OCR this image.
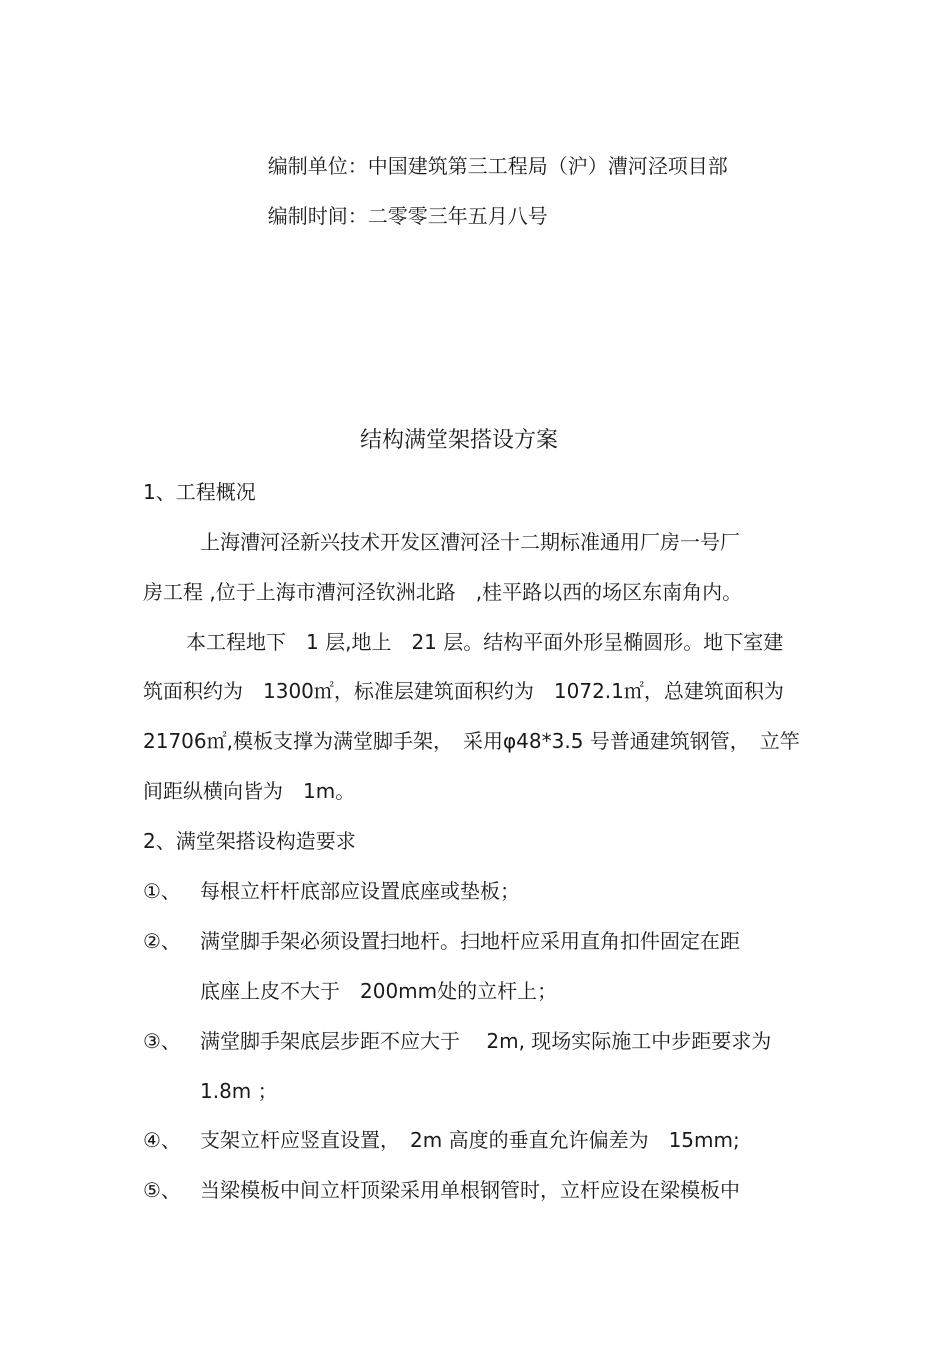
编制单位：中国建筑第三工程局（沪）漕河泾项目部

编制时间：二零零三年五月八号

结构满堂架搭设方案
1、工程概况
上海漕河泾新兴技术开发区漕河泾十二期标准通用厂房一号厂
房工程 ,位于上海市漕河泾钦洲北路　,桂平路以西的场区东南角内。
本工程地下　1 层,地上　21 层。结构平面外形呈椭圆形。地下室建
筑面积约为　1300㎡，标准层建筑面积约为　1072.1㎡，总建筑面积为
21706㎡,模板支撑为满堂脚手架，　采用φ48*3.5 号普通建筑钢管，　立竿
间距纵横向皆为　1m。
2、满堂架搭设构造要求
①、 每根立杆杆底部应设置底座或垫板；
②、 满堂脚手架必须设置扫地杆。扫地杆应采用直角扣件固定在距
底座上皮不大于　200mm处的立杆上；
③、 满堂脚手架底层步距不应大于　 2m, 现场实际施工中步距要求为
1.8m ；
④、 支架立杆应竖直设置，　2m 高度的垂直允许偏差为　15mm;
⑤、 当梁模板中间立杆顶梁采用单根钢管时，立杆应设在梁模板中
